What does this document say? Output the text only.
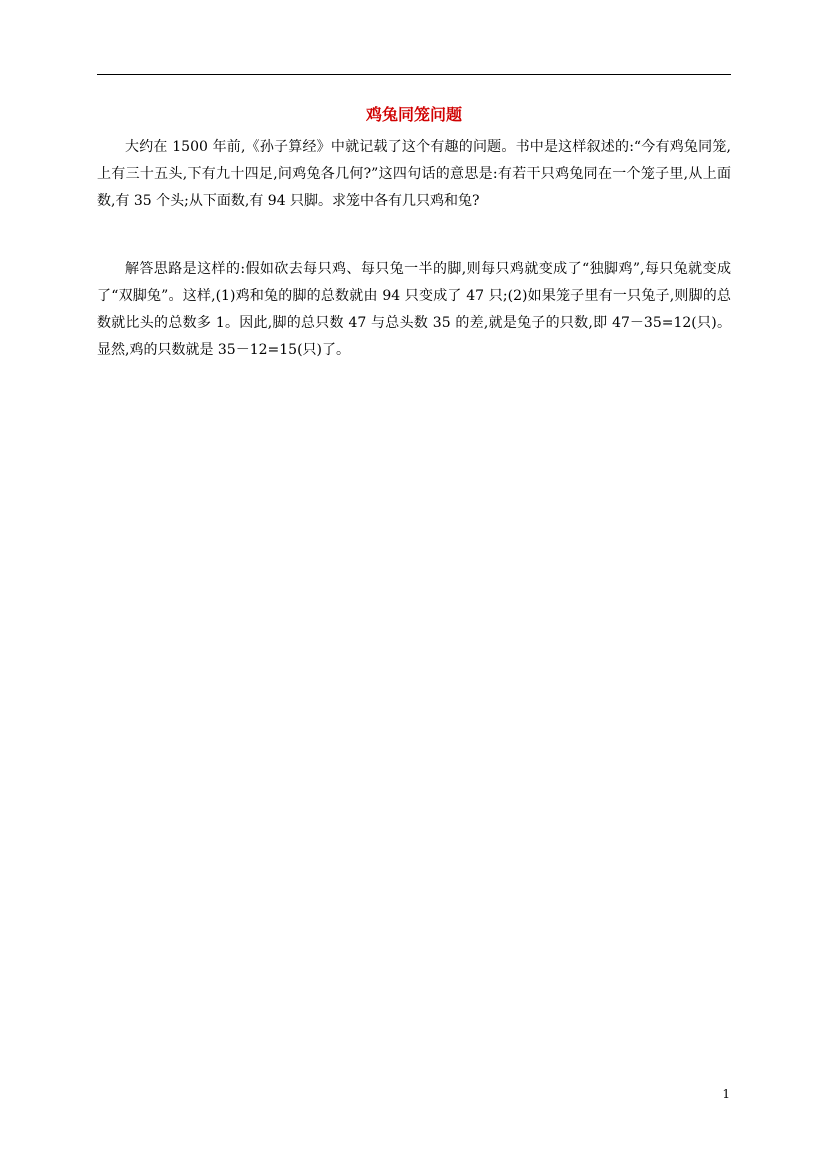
鸡兔同笼问题

大约在 1500 年前,《孙子算经》中就记载了这个有趣的问题。书中是这样叙述的:“今有鸡兔同笼,上有三十五头,下有九十四足,问鸡兔各几何?”这四句话的意思是:有若干只鸡兔同在一个笼子里,从上面数,有 35 个头;从下面数,有 94 只脚。求笼中各有几只鸡和兔?

解答思路是这样的:假如砍去每只鸡、每只兔一半的脚,则每只鸡就变成了“独脚鸡”,每只兔就变成了“双脚兔”。这样,(1)鸡和兔的脚的总数就由 94 只变成了 47 只;(2)如果笼子里有一只兔子,则脚的总数就比头的总数多 1。因此,脚的总只数 47 与总头数 35 的差,就是兔子的只数,即 47－35=12(只)。显然,鸡的只数就是 35－12=15(只)了。

1
